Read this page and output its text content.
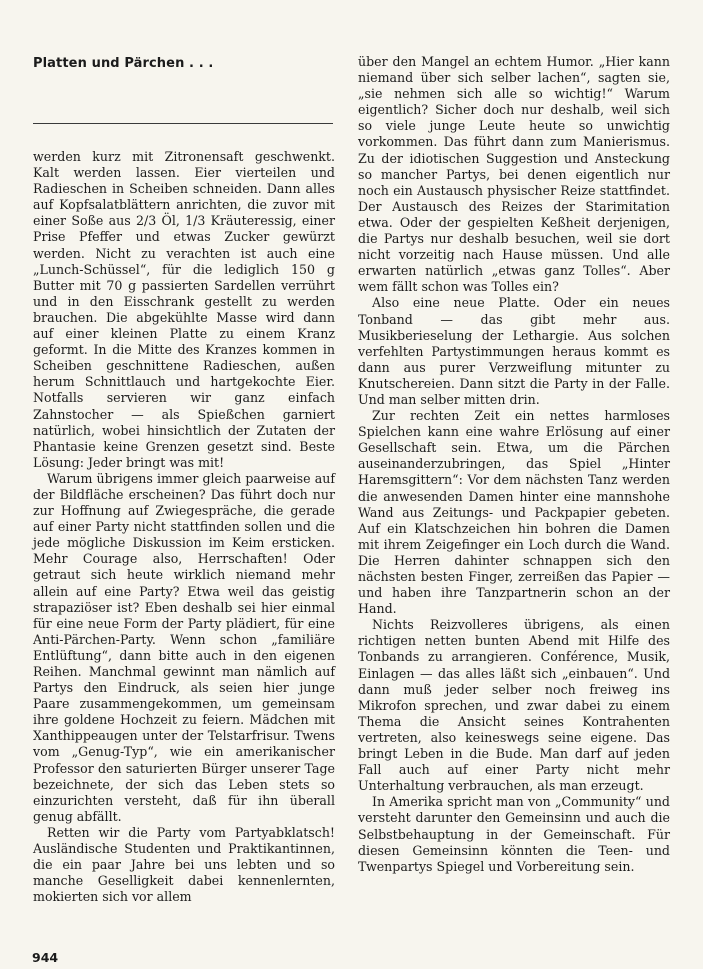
Platten und Pärchen . . .

werden kurz mit Zitronensaft geschwenkt. Kalt werden lassen. Eier vierteilen und Radieschen in Scheiben schneiden. Dann alles auf Kopfsalatblättern anrichten, die zuvor mit einer Soße aus 2/3 Öl, 1/3 Kräuteressig, einer Prise Pfeffer und etwas Zucker gewürzt werden. Nicht zu verachten ist auch eine „Lunch-Schüssel“, für die lediglich 150 g Butter mit 70 g passierten Sardellen verrührt und in den Eisschrank gestellt zu werden brauchen. Die abgekühlte Masse wird dann auf einer kleinen Platte zu einem Kranz geformt. In die Mitte des Kranzes kommen in Scheiben geschnittene Radieschen, außen herum Schnittlauch und hartgekochte Eier. Notfalls servieren wir ganz einfach Zahnstocher — als Spießchen garniert natürlich, wobei hinsichtlich der Zutaten der Phantasie keine Grenzen gesetzt sind. Beste Lösung: Jeder bringt was mit!

Warum übrigens immer gleich paarweise auf der Bildfläche erscheinen? Das führt doch nur zur Hoffnung auf Zwiegespräche, die gerade auf einer Party nicht stattfinden sollen und die jede mögliche Diskussion im Keim ersticken. Mehr Courage also, Herrschaften! Oder getraut sich heute wirklich niemand mehr allein auf eine Party? Etwa weil das geistig strapaziöser ist? Eben deshalb sei hier einmal für eine neue Form der Party plädiert, für eine Anti-Pärchen-Party. Wenn schon „familiäre Entlüftung“, dann bitte auch in den eigenen Reihen. Manchmal gewinnt man nämlich auf Partys den Eindruck, als seien hier junge Paare zusammengekommen, um gemeinsam ihre goldene Hochzeit zu feiern. Mädchen mit Xanthippeaugen unter der Telstarfrisur. Twens vom „Genug-Typ“, wie ein amerikanischer Professor den saturierten Bürger unserer Tage bezeichnete, der sich das Leben stets so einzurichten versteht, daß für ihn überall genug abfällt.

Retten wir die Party vom Partyabklatsch! Ausländische Studenten und Praktikantinnen, die ein paar Jahre bei uns lebten und so manche Geselligkeit dabei kennenlernten, mokierten sich vor allem

über den Mangel an echtem Humor. „Hier kann niemand über sich selber lachen“, sagten sie, „sie nehmen sich alle so wichtig!“ Warum eigentlich? Sicher doch nur deshalb, weil sich so viele junge Leute heute so unwichtig vorkommen. Das führt dann zum Manierismus. Zu der idiotischen Suggestion und Ansteckung so mancher Partys, bei denen eigentlich nur noch ein Austausch physischer Reize stattfindet. Der Austausch des Reizes der Starimitation etwa. Oder der gespielten Keßheit derjenigen, die Partys nur deshalb besuchen, weil sie dort nicht vorzeitig nach Hause müssen. Und alle erwarten natürlich „etwas ganz Tolles“. Aber wem fällt schon was Tolles ein?

Also eine neue Platte. Oder ein neues Tonband — das gibt mehr aus. Musikberieselung der Lethargie. Aus solchen verfehlten Partystimmungen heraus kommt es dann aus purer Verzweiflung mitunter zu Knutschereien. Dann sitzt die Party in der Falle. Und man selber mitten drin.

Zur rechten Zeit ein nettes harmloses Spielchen kann eine wahre Erlösung auf einer Gesellschaft sein. Etwa, um die Pärchen auseinanderzubringen, das Spiel „Hinter Haremsgittern“: Vor dem nächsten Tanz werden die anwesenden Damen hinter eine mannshohe Wand aus Zeitungs- und Packpapier gebeten. Auf ein Klatschzeichen hin bohren die Damen mit ihrem Zeigefinger ein Loch durch die Wand. Die Herren dahinter schnappen sich den nächsten besten Finger, zerreißen das Papier — und haben ihre Tanzpartnerin schon an der Hand.

Nichts Reizvolleres übrigens, als einen richtigen netten bunten Abend mit Hilfe des Tonbands zu arrangieren. Conférence, Musik, Einlagen — das alles läßt sich „einbauen“. Und dann muß jeder selber noch freiweg ins Mikrofon sprechen, und zwar dabei zu einem Thema die Ansicht seines Kontrahenten vertreten, also keineswegs seine eigene. Das bringt Leben in die Bude. Man darf auf jeden Fall auch auf einer Party nicht mehr Unterhaltung verbrauchen, als man erzeugt.

In Amerika spricht man von „Community“ und versteht darunter den Gemeinsinn und auch die Selbstbehauptung in der Gemeinschaft. Für diesen Gemeinsinn könnten die Teen- und Twenpartys Spiegel und Vorbereitung sein.

944
